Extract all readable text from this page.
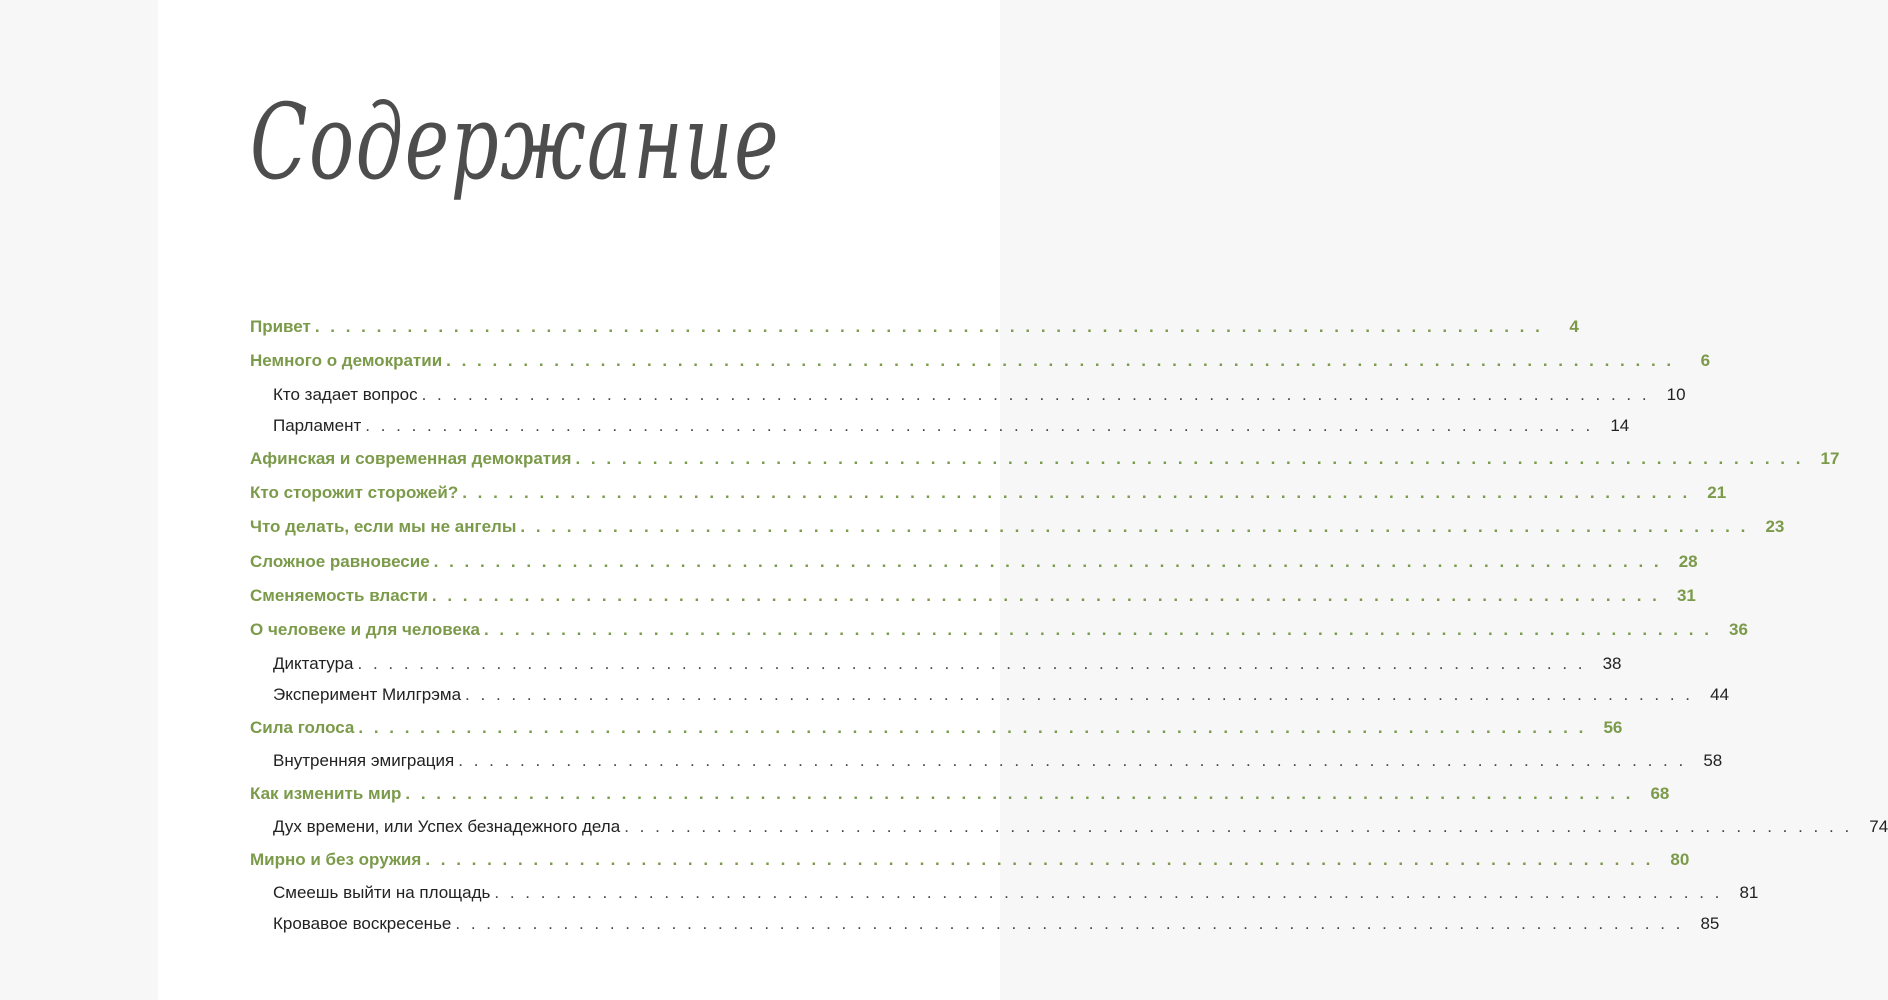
Содержание
Привет . . . . . . . . . . . . . . . . . . . . . . . . . . . . . . . . . . . . . . . . . . . . . . . . . . . . . . . . . . . . . . . . . . . . . . . . . . . . . . . .	4
Немного о демократии . . . . . . . . . . . . . . . . . . . . . . . . . . . . . . . . . . . . . . . . . . . . . . . . . . . . . . . . . . . . . . . . . . . . . . . . . . . . . . . .	6
Кто задает вопрос . . . . . . . . . . . . . . . . . . . . . . . . . . . . . . . . . . . . . . . . . . . . . . . . . . . . . . . . . . . . . . . . . . . . . . . . . . . . . . . .	10
Парламент . . . . . . . . . . . . . . . . . . . . . . . . . . . . . . . . . . . . . . . . . . . . . . . . . . . . . . . . . . . . . . . . . . . . . . . . . . . . . . . .	14
Афинская и современная демократия . . . . . . . . . . . . . . . . . . . . . . . . . . . . . . . . . . . . . . . . . . . . . . . . . . . . . . . . . . . . . . . . . . . . . . . . . . . . . . . .	17
Кто сторожит сторожей? . . . . . . . . . . . . . . . . . . . . . . . . . . . . . . . . . . . . . . . . . . . . . . . . . . . . . . . . . . . . . . . . . . . . . . . . . . . . . . . .	21
Что делать, если мы не ангелы . . . . . . . . . . . . . . . . . . . . . . . . . . . . . . . . . . . . . . . . . . . . . . . . . . . . . . . . . . . . . . . . . . . . . . . . . . . . . . . .	23
Сложное равновесие . . . . . . . . . . . . . . . . . . . . . . . . . . . . . . . . . . . . . . . . . . . . . . . . . . . . . . . . . . . . . . . . . . . . . . . . . . . . . . . .	28
Сменяемость власти . . . . . . . . . . . . . . . . . . . . . . . . . . . . . . . . . . . . . . . . . . . . . . . . . . . . . . . . . . . . . . . . . . . . . . . . . . . . . . . .	31
О человеке и для человека . . . . . . . . . . . . . . . . . . . . . . . . . . . . . . . . . . . . . . . . . . . . . . . . . . . . . . . . . . . . . . . . . . . . . . . . . . . . . . . .	36
Диктатура . . . . . . . . . . . . . . . . . . . . . . . . . . . . . . . . . . . . . . . . . . . . . . . . . . . . . . . . . . . . . . . . . . . . . . . . . . . . . . . .	38
Эксперимент Милгрэма . . . . . . . . . . . . . . . . . . . . . . . . . . . . . . . . . . . . . . . . . . . . . . . . . . . . . . . . . . . . . . . . . . . . . . . . . . . . . . . .	44
Сила голоса . . . . . . . . . . . . . . . . . . . . . . . . . . . . . . . . . . . . . . . . . . . . . . . . . . . . . . . . . . . . . . . . . . . . . . . . . . . . . . . .	56
Внутренняя эмиграция . . . . . . . . . . . . . . . . . . . . . . . . . . . . . . . . . . . . . . . . . . . . . . . . . . . . . . . . . . . . . . . . . . . . . . . . . . . . . . . .	58
Как изменить мир . . . . . . . . . . . . . . . . . . . . . . . . . . . . . . . . . . . . . . . . . . . . . . . . . . . . . . . . . . . . . . . . . . . . . . . . . . . . . . . .	68
Дух времени, или Успех безнадежного дела . . . . . . . . . . . . . . . . . . . . . . . . . . . . . . . . . . . . . . . . . . . . . . . . . . . . . . . . . . . . . . . . . . . . . . . . . . . . . . . .	74
Мирно и без оружия . . . . . . . . . . . . . . . . . . . . . . . . . . . . . . . . . . . . . . . . . . . . . . . . . . . . . . . . . . . . . . . . . . . . . . . . . . . . . . . .	80
Смеешь выйти на площадь . . . . . . . . . . . . . . . . . . . . . . . . . . . . . . . . . . . . . . . . . . . . . . . . . . . . . . . . . . . . . . . . . . . . . . . . . . . . . . . .	81
Кровавое воскресенье . . . . . . . . . . . . . . . . . . . . . . . . . . . . . . . . . . . . . . . . . . . . . . . . . . . . . . . . . . . . . . . . . . . . . . . . . . . . . . . .	85
